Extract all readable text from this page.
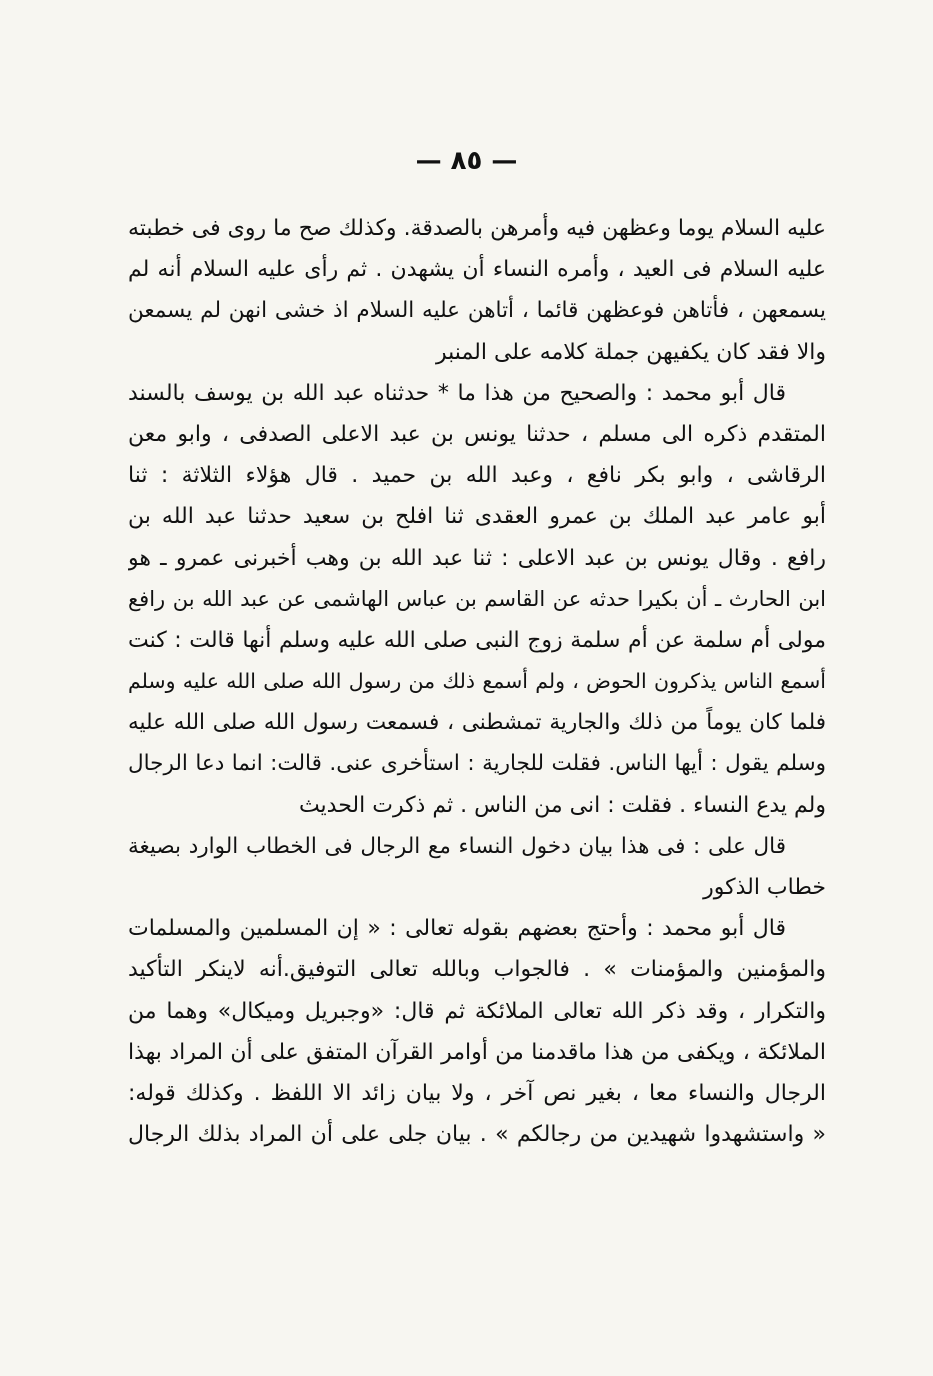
— ٨٥ —
عليه السلام يوما وعظهن فيه وأمرهن بالصدقة. وكذلك صح ما روى فى خطبته
عليه السلام فى العيد ، وأمره النساء أن يشهدن . ثم رأى عليه السلام أنه لم
يسمعهن ، فأتاهن فوعظهن قائما ، أتاهن عليه السلام اذ خشى انهن لم يسمعن
والا فقد كان يكفيهن جملة كلامه على المنبر
قال أبو محمد : والصحيح من هذا ما * حدثناه عبد الله بن يوسف بالسند
المتقدم ذكره الى مسلم ، حدثنا يونس بن عبد الاعلى الصدفى ، وابو معن
الرقاشى ، وابو بكر نافع ، وعبد الله بن حميد . قال هؤلاء الثلاثة : ثنا
أبو عامر عبد الملك بن عمرو العقدى ثنا افلح بن سعيد حدثنا عبد الله بن
رافع . وقال يونس بن عبد الاعلى : ثنا عبد الله بن وهب أخبرنى عمرو ـ هو
ابن الحارث ـ أن بكيرا حدثه عن القاسم بن عباس الهاشمى عن عبد الله بن رافع
مولى أم سلمة عن أم سلمة زوج النبى صلى الله عليه وسلم أنها قالت : كنت
أسمع الناس يذكرون الحوض ، ولم أسمع ذلك من رسول الله صلى الله عليه وسلم
فلما كان يوماً من ذلك والجارية تمشطنى ، فسمعت رسول الله صلى الله عليه
وسلم يقول : أيها الناس. فقلت للجارية : استأخرى عنى. قالت: انما دعا الرجال
ولم يدع النساء . فقلت : انى من الناس . ثم ذكرت الحديث
قال على : فى هذا بيان دخول النساء مع الرجال فى الخطاب الوارد بصيغة
خطاب الذكور
قال أبو محمد : وأحتج بعضهم بقوله تعالى : « إن المسلمين والمسلمات
والمؤمنين والمؤمنات » . فالجواب وبالله تعالى التوفيق.أنه لاينكر التأكيد
والتكرار ، وقد ذكر الله تعالى الملائكة ثم قال: «وجبريل وميكال» وهما من
الملائكة ، ويكفى من هذا ماقدمنا من أوامر القرآن المتفق على أن المراد بهذا
الرجال والنساء معا ، بغير نص آخر ، ولا بيان زائد الا اللفظ . وكذلك قوله:
« واستشهدوا شهيدين من رجالكم » . بيان جلى على أن المراد بذلك الرجال
